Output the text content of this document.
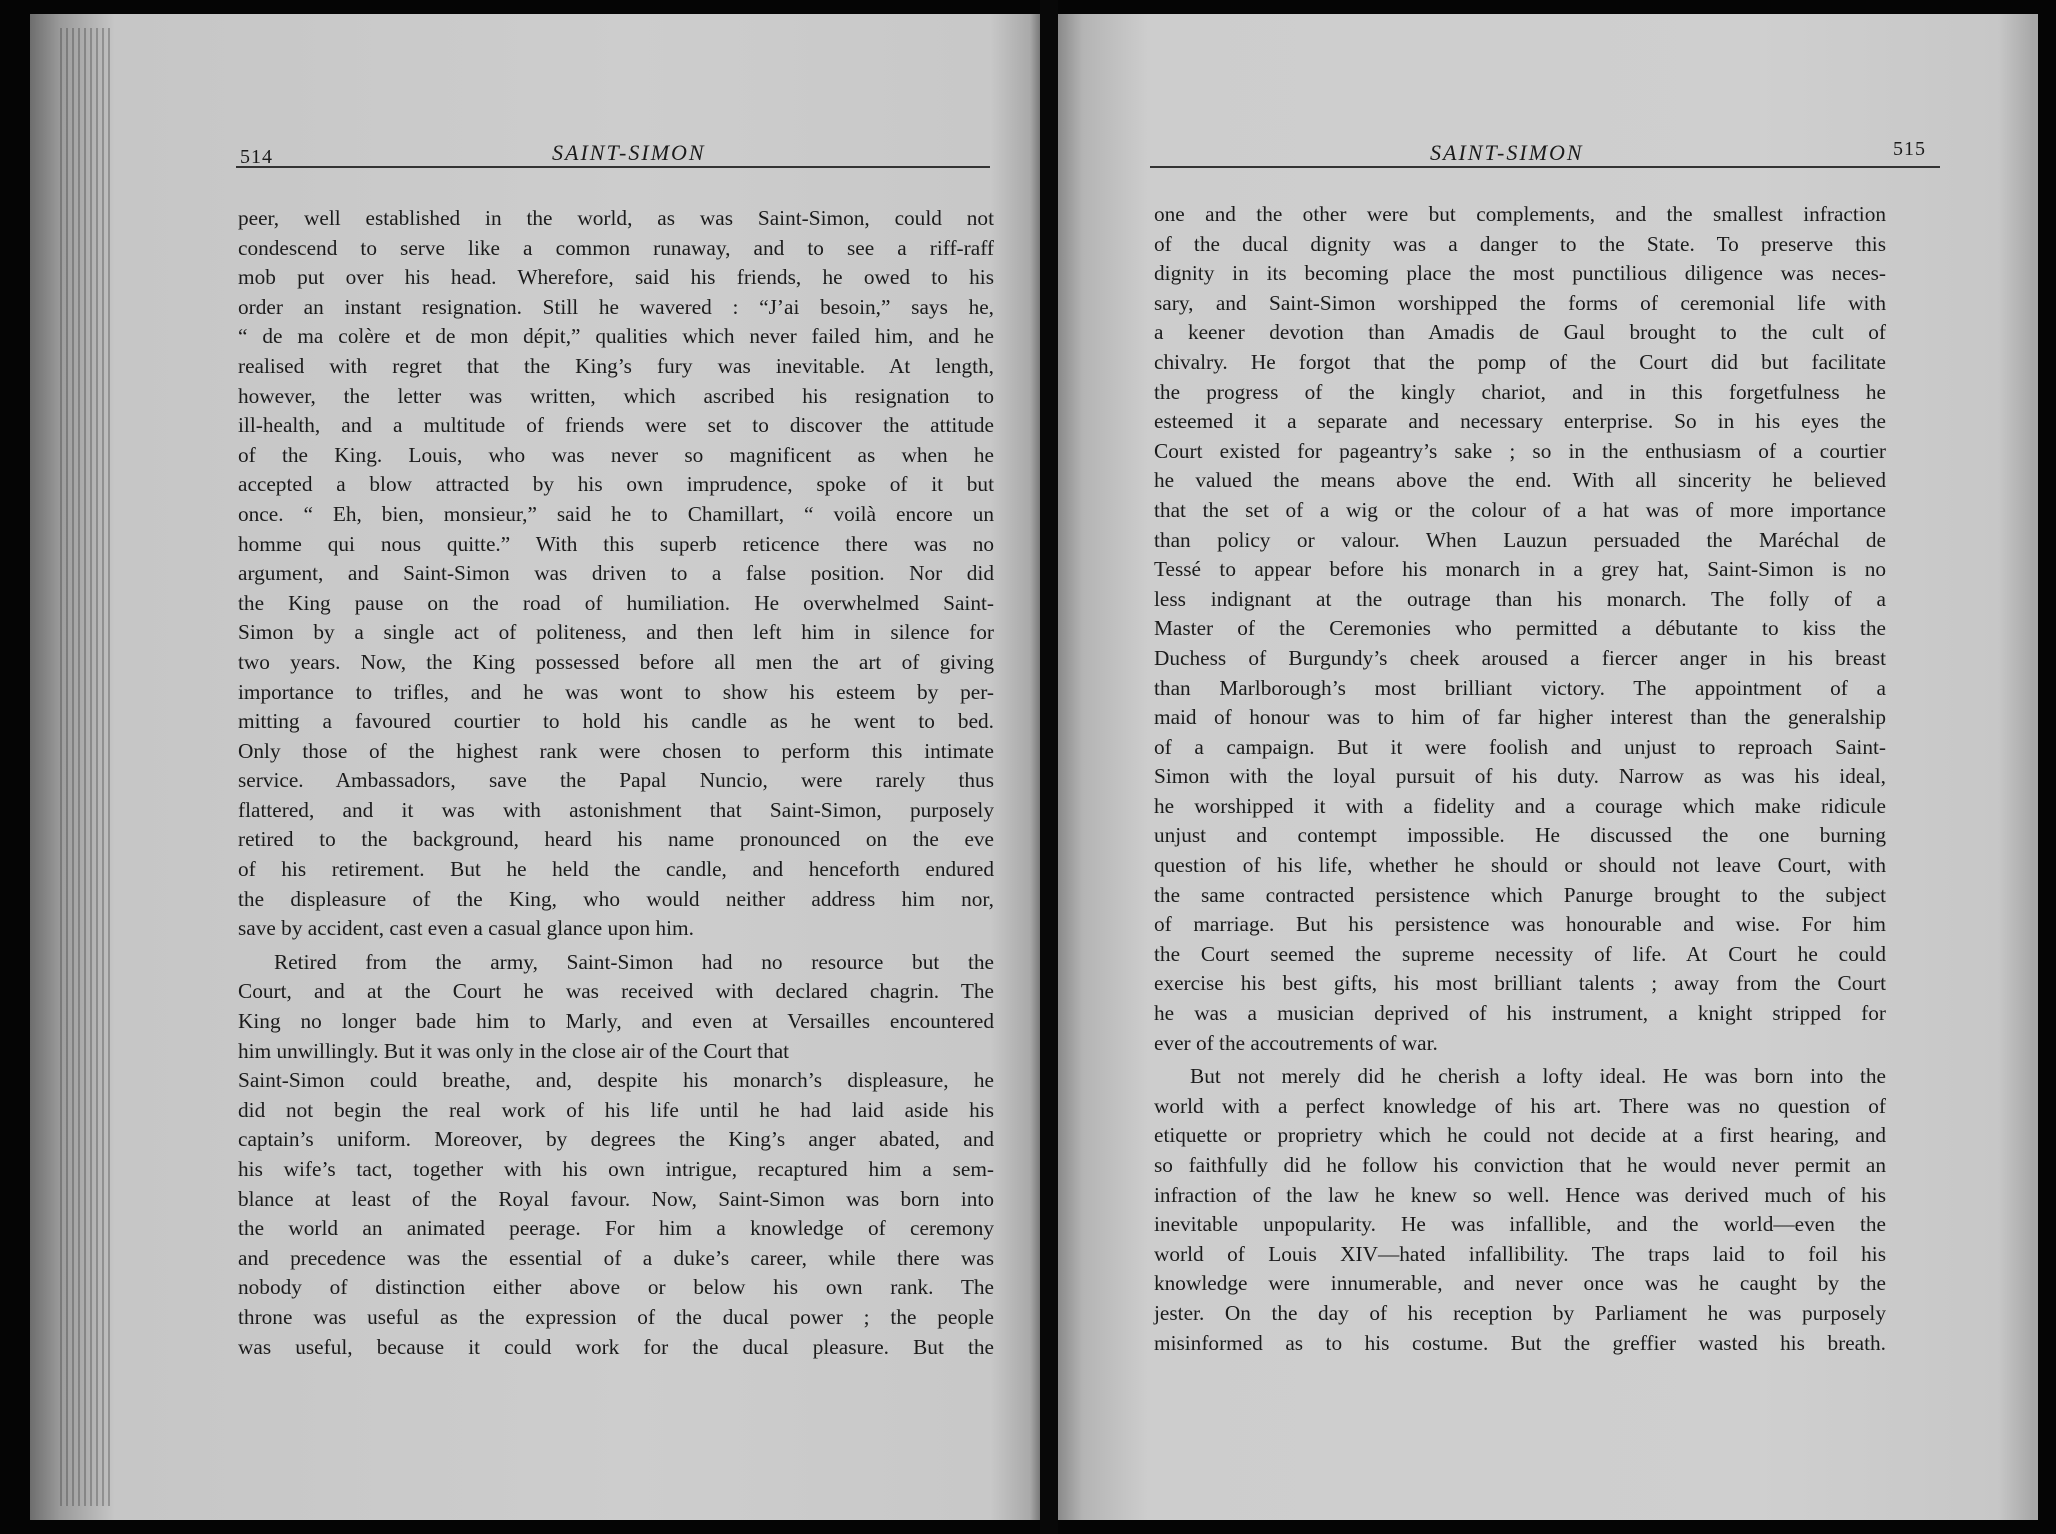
514	SAINT-SIMON
peer, well established in the world, as was Saint-Simon, could not
condescend to serve like a common runaway, and to see a riff-raff
mob put over his head. Wherefore, said his friends, he owed to his
order an instant resignation. Still he wavered : “J’ai besoin,” says he,
“ de ma colère et de mon dépit,” qualities which never failed him, and he
realised with regret that the King’s fury was inevitable. At length,
however, the letter was written, which ascribed his resignation to
ill-health, and a multitude of friends were set to discover the attitude
of the King. Louis, who was never so magnificent as when he
accepted a blow attracted by his own imprudence, spoke of it but
once. “ Eh, bien, monsieur,” said he to Chamillart, “ voilà encore un
homme qui nous quitte.” With this superb reticence there was no
argument, and Saint-Simon was driven to a false position. Nor did
the King pause on the road of humiliation. He overwhelmed Saint-
Simon by a single act of politeness, and then left him in silence for
two years. Now, the King possessed before all men the art of giving
importance to trifles, and he was wont to show his esteem by per-
mitting a favoured courtier to hold his candle as he went to bed.
Only those of the highest rank were chosen to perform this intimate
service. Ambassadors, save the Papal Nuncio, were rarely thus
flattered, and it was with astonishment that Saint-Simon, purposely
retired to the background, heard his name pronounced on the eve
of his retirement. But he held the candle, and henceforth endured
the displeasure of the King, who would neither address him nor,
save by accident, cast even a casual glance upon him.
Retired from the army, Saint-Simon had no resource but the
Court, and at the Court he was received with declared chagrin. The
King no longer bade him to Marly, and even at Versailles encountered
him unwillingly. But it was only in the close air of the Court that
Saint-Simon could breathe, and, despite his monarch’s displeasure, he
did not begin the real work of his life until he had laid aside his
captain’s uniform. Moreover, by degrees the King’s anger abated, and
his wife’s tact, together with his own intrigue, recaptured him a sem-
blance at least of the Royal favour. Now, Saint-Simon was born into
the world an animated peerage. For him a knowledge of ceremony
and precedence was the essential of a duke’s career, while there was
nobody of distinction either above or below his own rank. The
throne was useful as the expression of the ducal power ; the people
was useful, because it could work for the ducal pleasure. But the
SAINT-SIMON	515
one and the other were but complements, and the smallest infraction
of the ducal dignity was a danger to the State. To preserve this
dignity in its becoming place the most punctilious diligence was neces-
sary, and Saint-Simon worshipped the forms of ceremonial life with
a keener devotion than Amadis de Gaul brought to the cult of
chivalry. He forgot that the pomp of the Court did but facilitate
the progress of the kingly chariot, and in this forgetfulness he
esteemed it a separate and necessary enterprise. So in his eyes the
Court existed for pageantry’s sake ; so in the enthusiasm of a courtier
he valued the means above the end. With all sincerity he believed
that the set of a wig or the colour of a hat was of more importance
than policy or valour. When Lauzun persuaded the Maréchal de
Tessé to appear before his monarch in a grey hat, Saint-Simon is no
less indignant at the outrage than his monarch. The folly of a
Master of the Ceremonies who permitted a débutante to kiss the
Duchess of Burgundy’s cheek aroused a fiercer anger in his breast
than Marlborough’s most brilliant victory. The appointment of a
maid of honour was to him of far higher interest than the generalship
of a campaign. But it were foolish and unjust to reproach Saint-
Simon with the loyal pursuit of his duty. Narrow as was his ideal,
he worshipped it with a fidelity and a courage which make ridicule
unjust and contempt impossible. He discussed the one burning
question of his life, whether he should or should not leave Court, with
the same contracted persistence which Panurge brought to the subject
of marriage. But his persistence was honourable and wise. For him
the Court seemed the supreme necessity of life. At Court he could
exercise his best gifts, his most brilliant talents ; away from the Court
he was a musician deprived of his instrument, a knight stripped for
ever of the accoutrements of war.
But not merely did he cherish a lofty ideal. He was born into the
world with a perfect knowledge of his art. There was no question of
etiquette or proprietry which he could not decide at a first hearing, and
so faithfully did he follow his conviction that he would never permit an
infraction of the law he knew so well. Hence was derived much of his
inevitable unpopularity. He was infallible, and the world—even the
world of Louis XIV—hated infallibility. The traps laid to foil his
knowledge were innumerable, and never once was he caught by the
jester. On the day of his reception by Parliament he was purposely
misinformed as to his costume. But the greffier wasted his breath.
